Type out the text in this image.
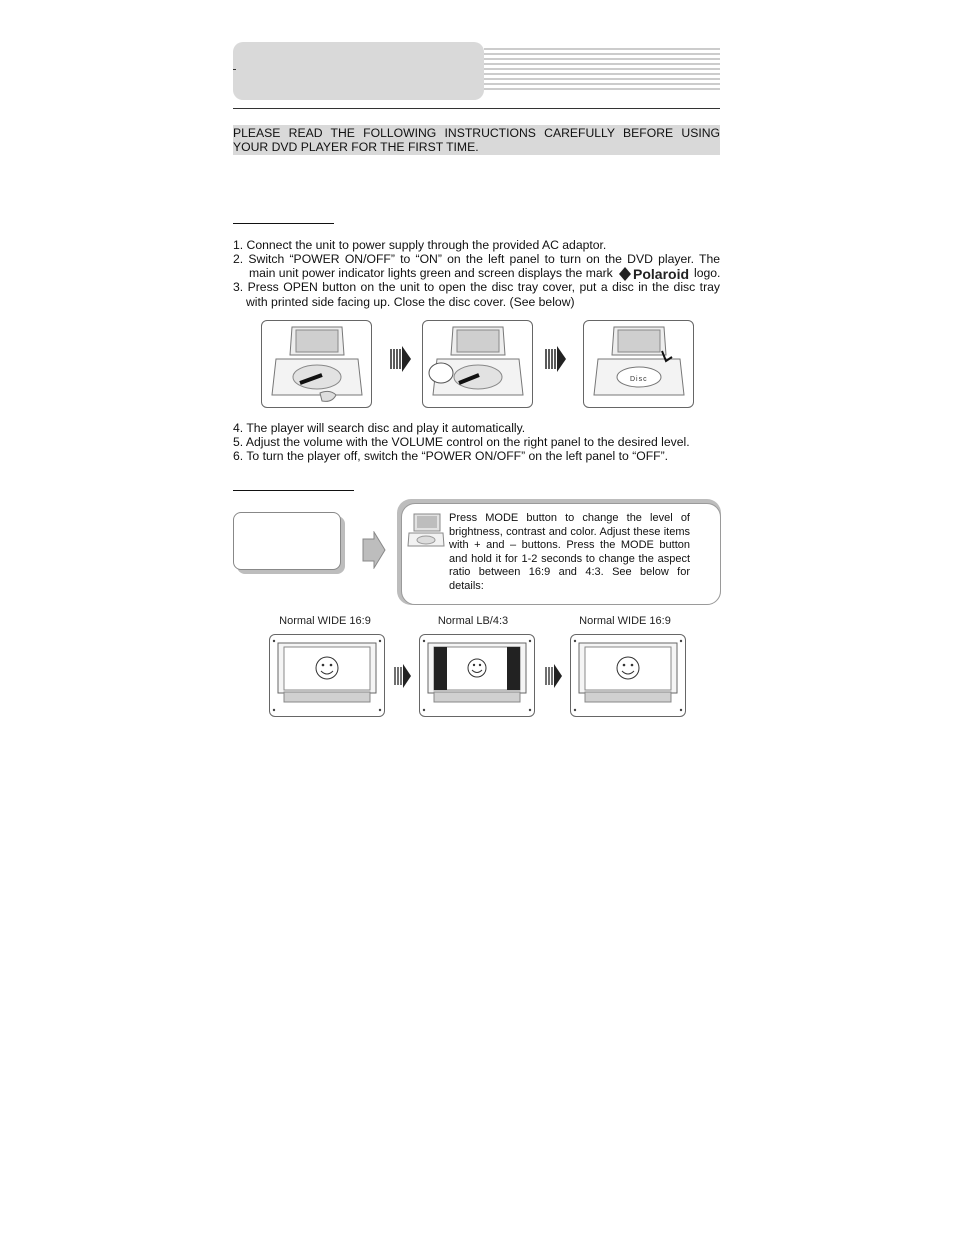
PLEASE READ THE FOLLOWING INSTRUCTIONS CAREFULLY BEFORE USING

YOUR DVD PLAYER FOR THE FIRST TIME.

1. Connect the unit to power supply through the provided AC adaptor.
2. Switch “POWER ON/OFF” to “ON” on the left panel to turn on the DVD player. The
main unit power indicator lights green and screen displays the mark Polaroid logo.
3. Press OPEN button on the unit to open the disc tray cover, put a disc in the disc tray
with printed side facing up. Close the disc cover. (See below)
Disc
4. The player will search disc and play it automatically.
5. Adjust the volume with the VOLUME control on the right panel to the desired level.
6. To turn the player off, switch the “POWER ON/OFF” on the left panel to “OFF”.

Press MODE button to change the level of brightness, contrast and color. Adjust these items with + and – buttons. Press the MODE button and hold it for 1-2 seconds to change the aspect ratio between 16:9 and 4:3. See below for details:

Normal WIDE 16:9	Normal LB/4:3	Normal WIDE 16:9
